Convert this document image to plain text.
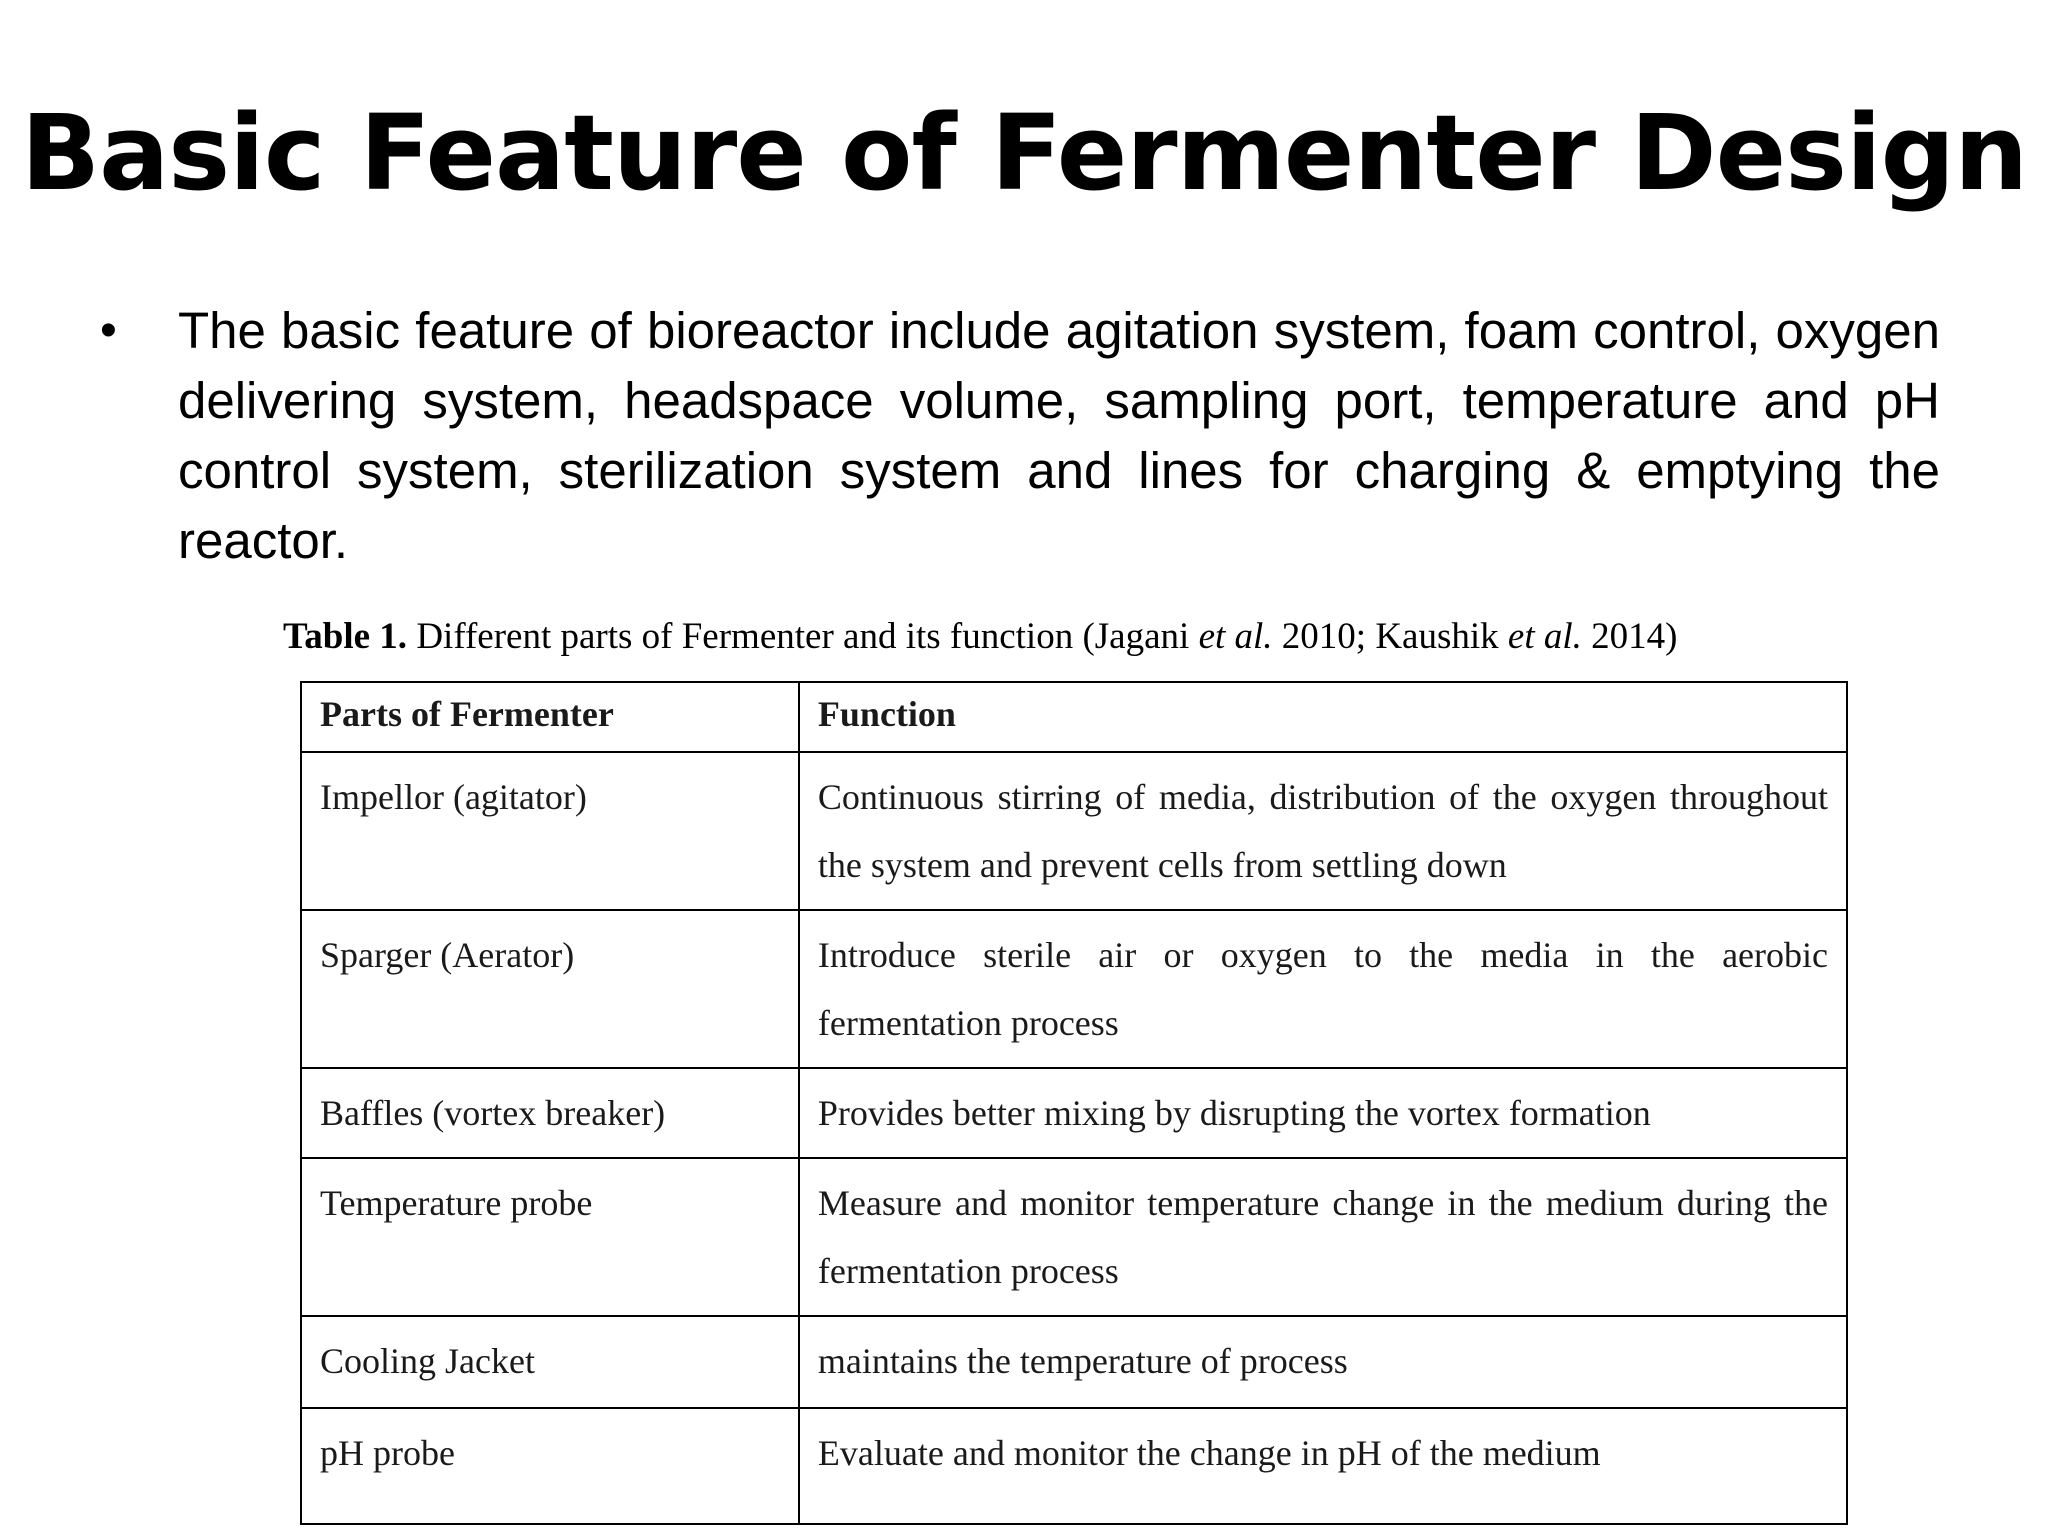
Basic Feature of Fermenter Design
• The basic feature of bioreactor include agitation system, foam control, oxygen delivering system, headspace volume, sampling port, temperature and pH control system, sterilization system and lines for charging & emptying the reactor.

Table 1. Different parts of Fermenter and its function (Jagani et al. 2010; Kaushik et al. 2014)
Parts of Fermenter	Function
Impellor (agitator)	Continuous stirring of media, distribution of the oxygen throughout the system and prevent cells from settling down
Sparger (Aerator)	Introduce sterile air or oxygen to the media in the aerobic fermentation process
Baffles (vortex breaker)	Provides better mixing by disrupting the vortex formation
Temperature probe	Measure and monitor temperature change in the medium during the fermentation process
Cooling Jacket	maintains the temperature of process
pH probe	Evaluate and monitor the change in pH of the medium
